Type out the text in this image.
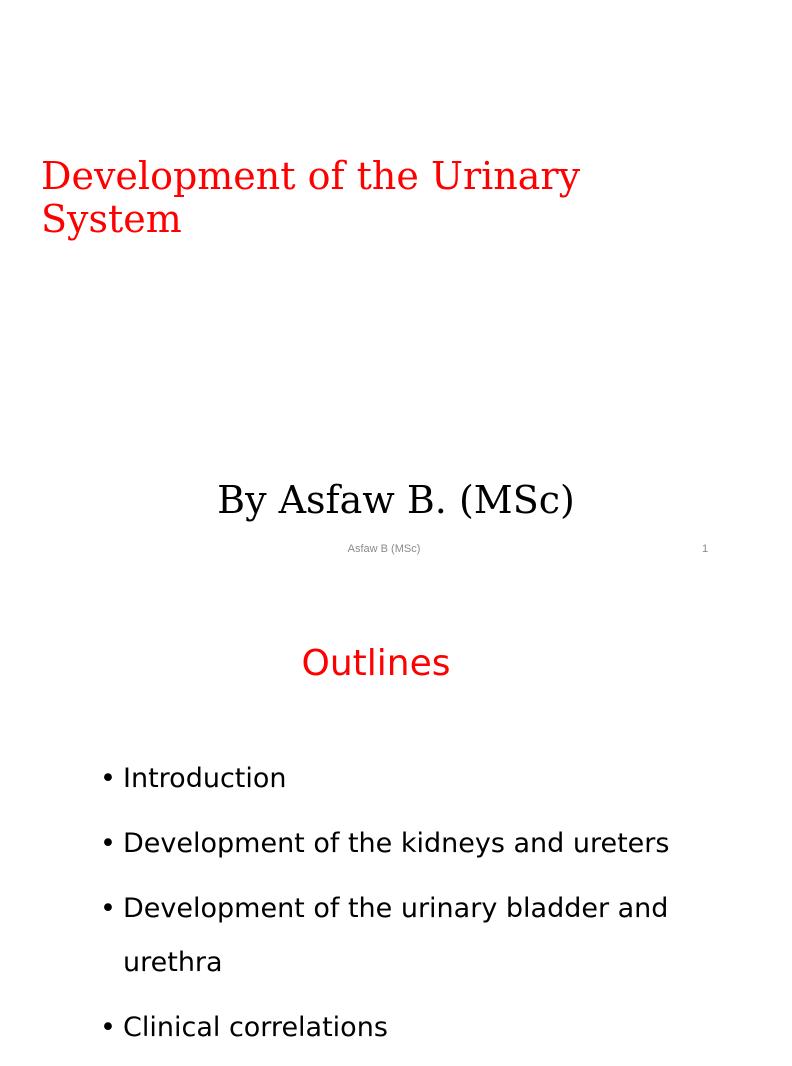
Development of the Urinary System
By Asfaw B. (MSc)
Asfaw B (MSc)	1
Outlines
• Introduction
• Development of the kidneys and ureters
• Development of the urinary bladder and urethra
• Clinical correlations
